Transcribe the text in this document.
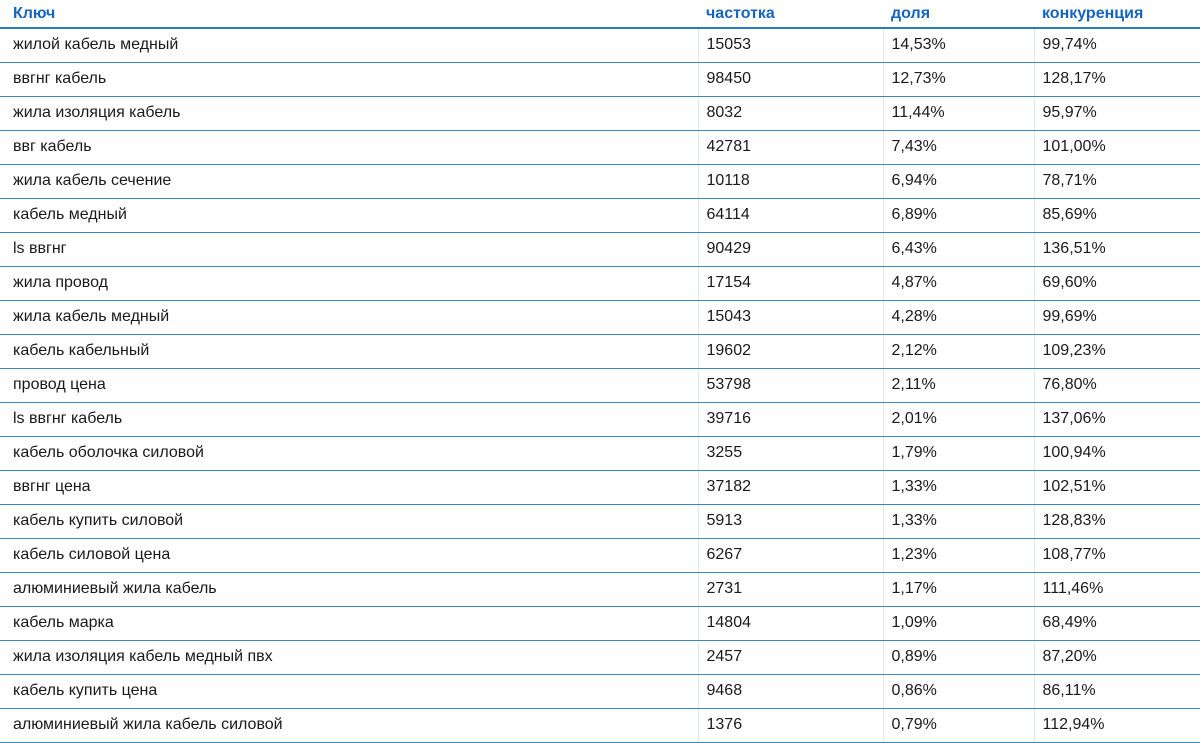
Ключ	частотка	доля	конкуренция
жилой кабель медный	15053	14,53%	99,74%
ввгнг кабель	98450	12,73%	128,17%
жила изоляция кабель	8032	11,44%	95,97%
ввг кабель	42781	7,43%	101,00%
жила кабель сечение	10118	6,94%	78,71%
кабель медный	64114	6,89%	85,69%
ls ввгнг	90429	6,43%	136,51%
жила провод	17154	4,87%	69,60%
жила кабель медный	15043	4,28%	99,69%
кабель кабельный	19602	2,12%	109,23%
провод цена	53798	2,11%	76,80%
ls ввгнг кабель	39716	2,01%	137,06%
кабель оболочка силовой	3255	1,79%	100,94%
ввгнг цена	37182	1,33%	102,51%
кабель купить силовой	5913	1,33%	128,83%
кабель силовой цена	6267	1,23%	108,77%
алюминиевый жила кабель	2731	1,17%	111,46%
кабель марка	14804	1,09%	68,49%
жила изоляция кабель медный пвх	2457	0,89%	87,20%
кабель купить цена	9468	0,86%	86,11%
алюминиевый жила кабель силовой	1376	0,79%	112,94%
